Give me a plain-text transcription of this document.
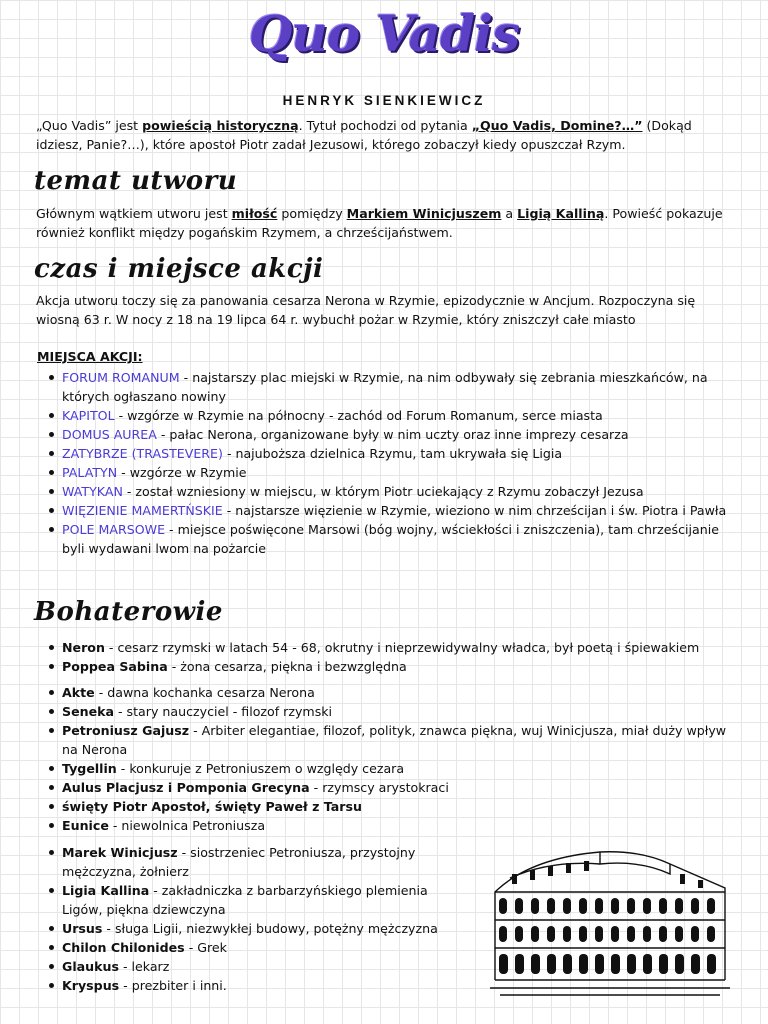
Quo Vadis
HENRYK SIENKIEWICZ
„Quo Vadis” jest powieścią historyczną. Tytuł pochodzi od pytania „Quo Vadis, Domine?…” (Dokąd idziesz, Panie?…), które apostoł Piotr zadał Jezusowi, którego zobaczył kiedy opuszczał Rzym.
temat utworu
Głównym wątkiem utworu jest miłość pomiędzy Markiem Winicjuszem a Ligią Kalliną. Powieść pokazuje również konflikt między pogańskim Rzymem, a chrześcijaństwem.
czas i miejsce akcji
Akcja utworu toczy się za panowania cesarza Nerona w Rzymie, epizodycznie w Ancjum. Rozpoczyna się wiosną 63 r. W nocy z 18 na 19 lipca 64 r. wybuchł pożar w Rzymie, który zniszczył całe miasto
MIEJSCA AKCJI:
FORUM ROMANUM - najstarszy plac miejski w Rzymie, na nim odbywały się zebrania mieszkańców, na których ogłaszano nowiny
KAPITOL - wzgórze w Rzymie na północny - zachód od Forum Romanum, serce miasta
DOMUS AUREA - pałac Nerona, organizowane były w nim uczty oraz inne imprezy cesarza
ZATYBRZE (TRASTEVERE) - najuboższa dzielnica Rzymu, tam ukrywała się Ligia
PALATYN - wzgórze w Rzymie
WATYKAN - został wzniesiony w miejscu, w którym Piotr uciekający z Rzymu zobaczył Jezusa
WIĘZIENIE MAMERTŃSKIE - najstarsze więzienie w Rzymie, wieziono w nim chrześcijan i św. Piotra i Pawła
POLE MARSOWE - miejsce poświęcone Marsowi (bóg wojny, wściekłości i zniszczenia), tam chrześcijanie byli wydawani lwom na pożarcie
Bohaterowie
Neron - cesarz rzymski w latach 54 - 68, okrutny i nieprzewidywalny władca, był poetą i śpiewakiem
Poppea Sabina - żona cesarza, piękna i bezwzględna
Akte - dawna kochanka cesarza Nerona
Seneka - stary nauczyciel - filozof rzymski
Petroniusz Gajusz - Arbiter elegantiae, filozof, polityk, znawca piękna, wuj Winicjusza, miał duży wpływ na Nerona
Tygellin - konkuruje z Petroniuszem o względy cezara
Aulus Placjusz i Pomponia Grecyna - rzymscy arystokraci
święty Piotr Apostoł, święty Paweł z Tarsu
Eunice - niewolnica Petroniusza
Marek Winicjusz - siostrzeniec Petroniusza, przystojny mężczyzna, żołnierz
Ligia Kallina - zakładniczka z barbarzyńskiego plemienia Ligów, piękna dziewczyna
Ursus - sługa Ligii, niezwykłej budowy, potężny mężczyzna
Chilon Chilonides - Grek
Glaukus - lekarz
Kryspus - prezbiter i inni.
